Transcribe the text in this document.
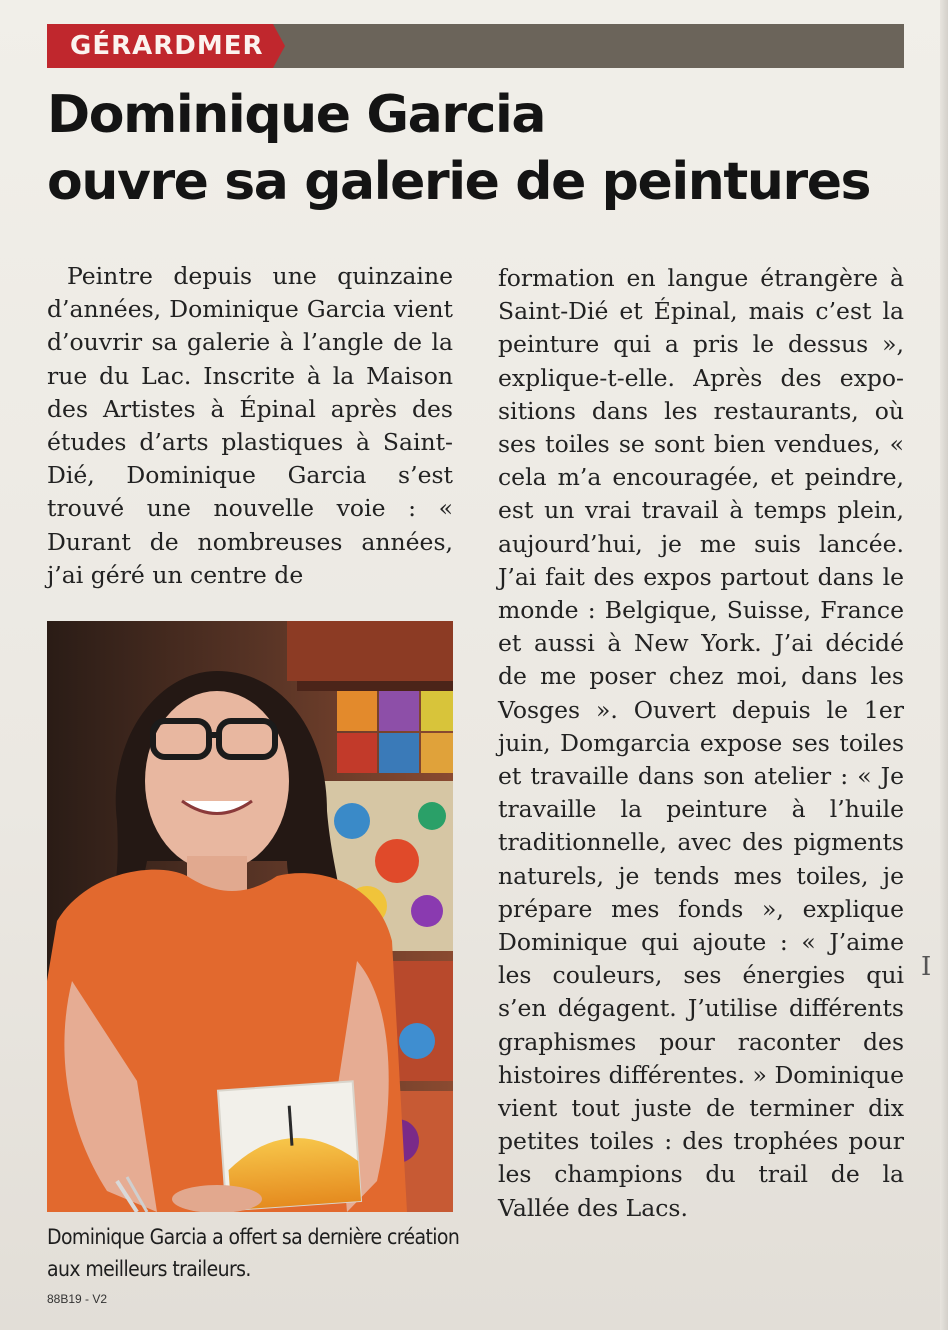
GÉRARDMER
Dominique Garcia
ouvre sa galerie de peintures

Peintre depuis une quinzaine d’années, Dominique Garcia vient d’ouvrir sa galerie à l’angle de la rue du Lac. Inscrite à la Maison des Artistes à Épinal après des études d’arts plastiques à Saint-Dié, Dominique Garcia s’est trouvé une nouvelle voie : « Durant de nombreuses années, j’ai géré un centre de

Dominique Garcia a offert sa dernière création aux meilleurs traileurs.

88B19 - V2

formation en langue étrangère à Saint-Dié et Épinal, mais c’est la peinture qui a pris le dessus », explique-t-elle. Après des expositions dans les restaurants, où ses toiles se sont bien vendues, « cela m’a encouragée, et peindre, est un vrai travail à temps plein, aujourd’hui, je me suis lancée. J’ai fait des expos partout dans le monde : Belgique, Suisse, France et aussi à New York. J’ai décidé de me poser chez moi, dans les Vosges ». Ouvert depuis le 1er juin, Domgarcia expose ses toiles et travaille dans son atelier : « Je travaille la peinture à l’huile traditionnelle, avec des pigments naturels, je tends mes toiles, je prépare mes fonds », explique Dominique qui ajoute : « J’aime les couleurs, ses énergies qui s’en dégagent. J’utilise différents graphismes pour raconter des histoires différentes. » Dominique vient tout juste de terminer dix petites toiles : des trophées pour les champions du trail de la Vallée des Lacs.

I
